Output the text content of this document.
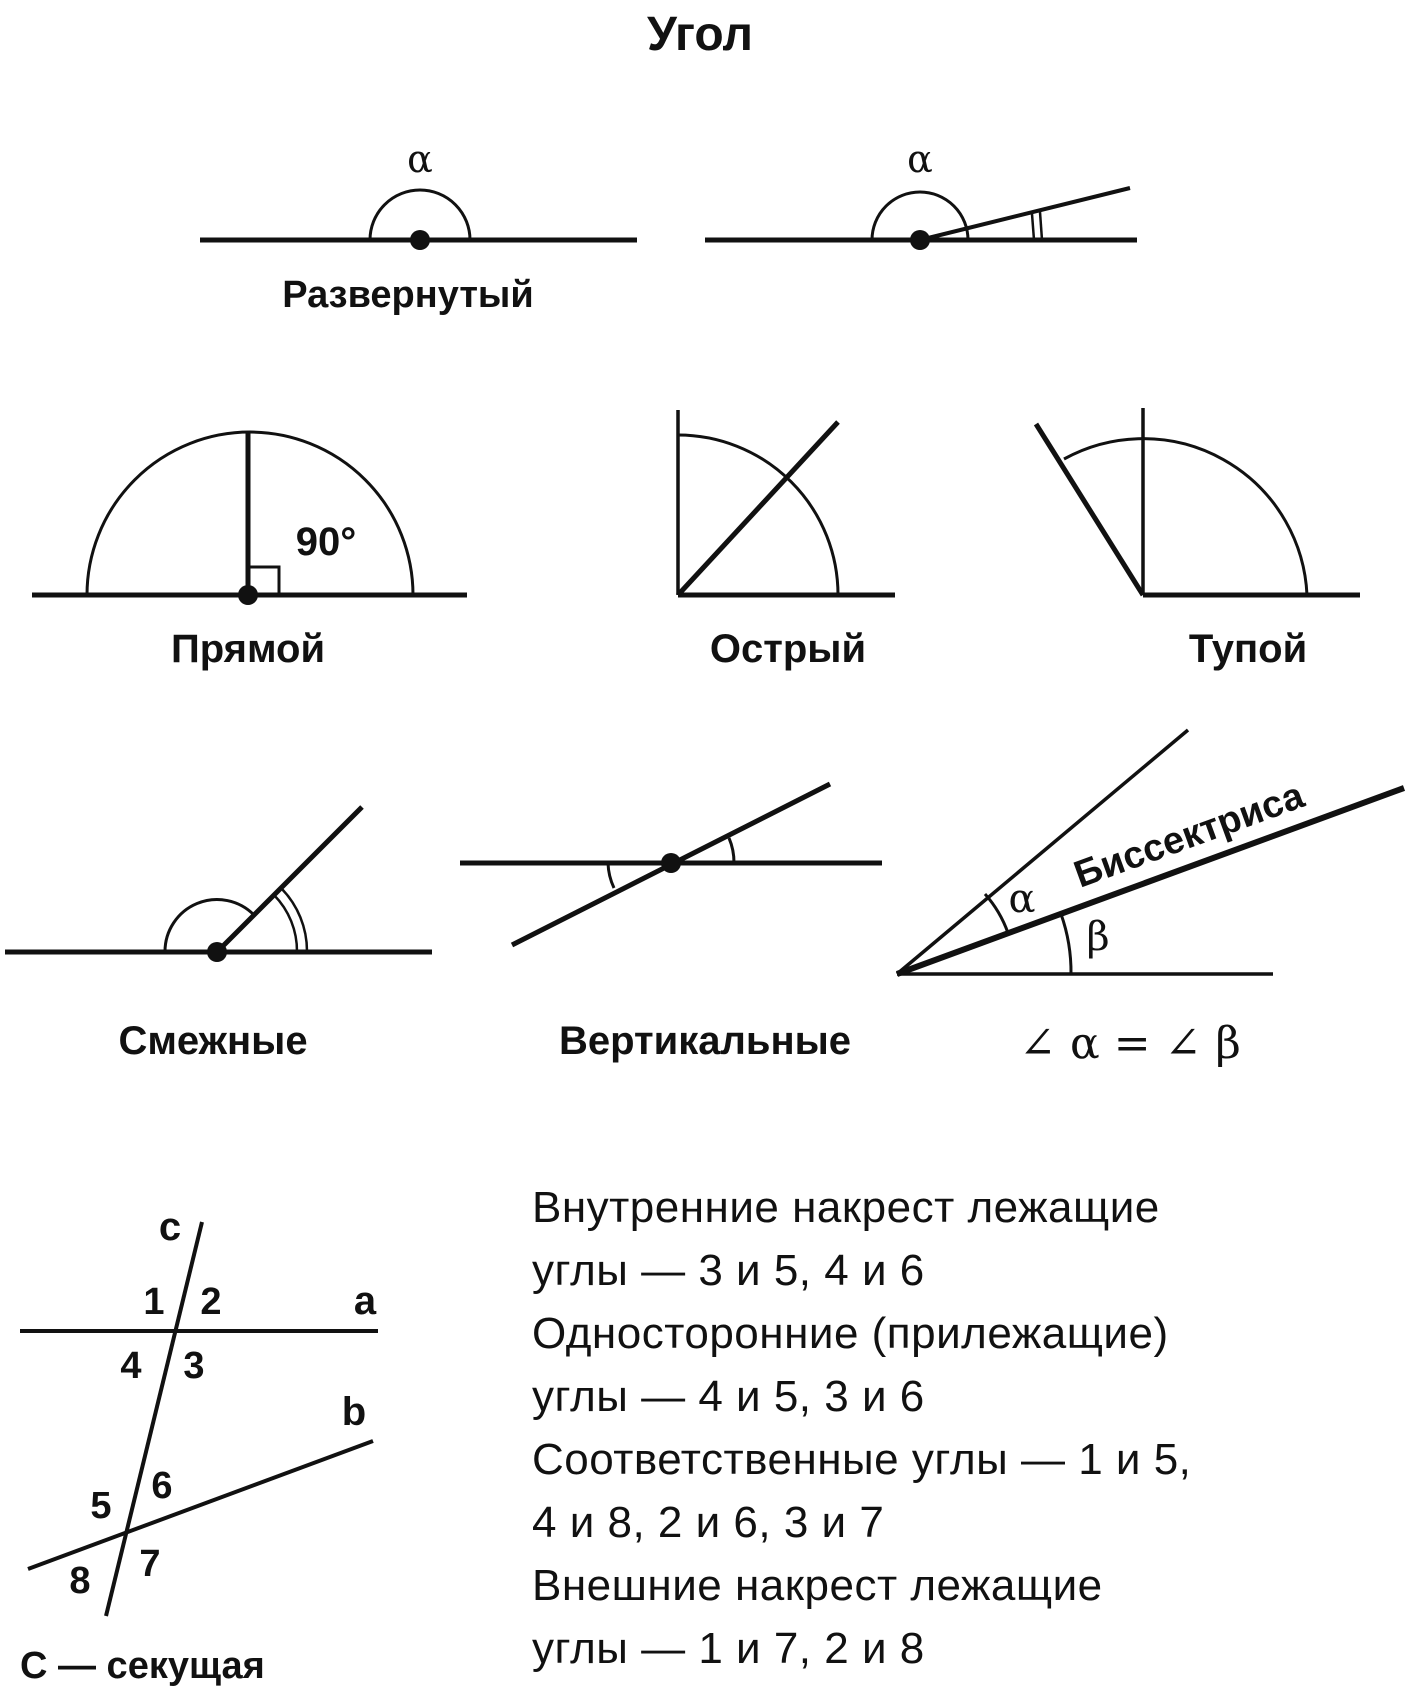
Угол
α
Развернутый
α
90°
Прямой	Острый	Тупой
Смежные	Вертикальные
α
β
Биссектриса
∠ α = ∠ β
c
a
b
1 2
3
4
5 6
7
8
С — секущая
Внутренние накрест лежащие
углы — 3 и 5, 4 и 6
Односторонние (прилежащие)
углы — 4 и 5, 3 и 6
Соответственные углы — 1 и 5,
4 и 8, 2 и 6, 3 и 7
Внешние накрест лежащие
углы — 1 и 7, 2 и 8
